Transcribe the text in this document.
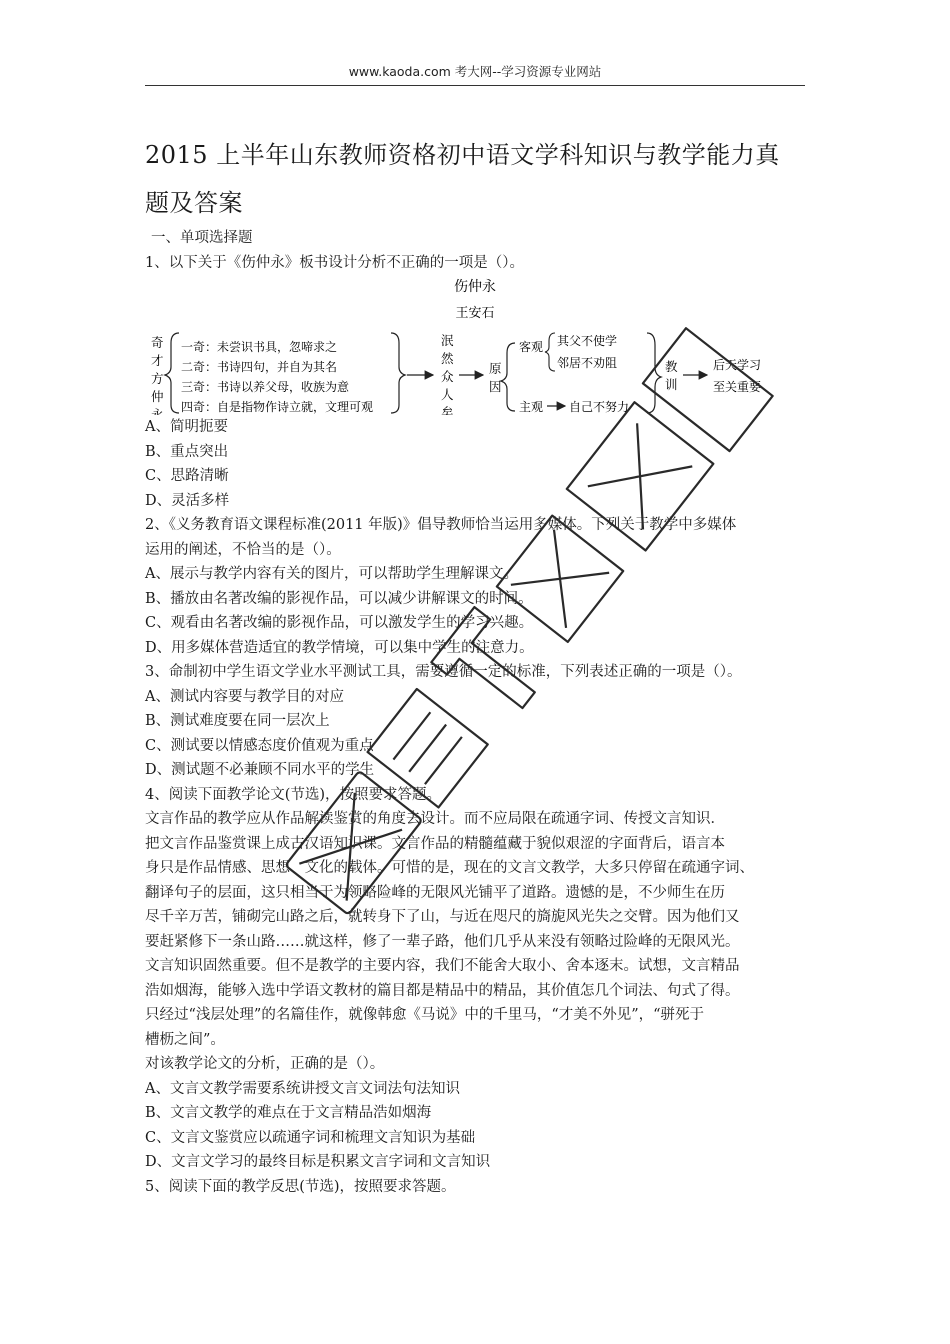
www.kaoda.com 考大网--学习资源专业网站
2015 上半年山东教师资格初中语文学科知识与教学能力真
题及答案
一、单项选择题
1、以下关于《伤仲永》板书设计分析不正确的一项是（）。
伤仲永
王安石
奇
才
方
仲
永
一奇：未尝识书具，忽啼求之
二奇：书诗四句，并自为其名
三奇：书诗以养父母，收族为意
四奇：自是指物作诗立就，文理可观
泯
然
众
人
矣
原
因
客观 其父不使学
邻居不劝阻
主观 自己不努力
教
训
后天学习
至关重要
A、简明扼要
B、重点突出
C、思路清晰
D、灵活多样
2、《义务教育语文课程标准(2011 年版)》倡导教师恰当运用多媒体。下列关于教学中多媒体
运用的阐述，不恰当的是（）。
A、展示与教学内容有关的图片，可以帮助学生理解课文。
B、播放由名著改编的影视作品，可以减少讲解课文的时间。
C、观看由名著改编的影视作品，可以激发学生的学习兴趣。
D、用多媒体营造适宜的教学情境，可以集中学生的注意力。
3、命制初中学生语文学业水平测试工具，需要遵循一定的标准，下列表述正确的一项是（）。
A、测试内容要与教学目的对应
B、测试难度要在同一层次上
C、测试要以情感态度价值观为重点
D、测试题不必兼顾不同水平的学生
4、阅读下面教学论文(节选)，按照要求答题。
文言作品的教学应从作品解读鉴赏的角度去设计。而不应局限在疏通字词、传授文言知识．
把文言作品鉴赏课上成古汉语知识课。文言作品的精髓蕴藏于貌似艰涩的字面背后，语言本
身只是作品情感、思想、文化的载体。可惜的是，现在的文言文教学，大多只停留在疏通字词、
翻译句子的层面，这只相当于为领略险峰的无限风光铺平了道路。遗憾的是，不少师生在历
尽千辛万苦，铺砌完山路之后，就转身下了山，与近在咫尺的旖旎风光失之交臂。因为他们又
要赶紧修下一条山路……就这样，修了一辈子路，他们几乎从来没有领略过险峰的无限风光。
文言知识固然重要。但不是教学的主要内容，我们不能舍大取小、舍本逐末。试想，文言精品
浩如烟海，能够入选中学语文教材的篇目都是精品中的精品，其价值怎几个词法、句式了得。
只经过“浅层处理”的名篇佳作，就像韩愈《马说》中的千里马，“才美不外见”，“骈死于
槽枥之间”。
对该教学论文的分析，正确的是（）。
A、文言文教学需要系统讲授文言文词法句法知识
B、文言文教学的难点在于文言精品浩如烟海
C、文言文鉴赏应以疏通字词和梳理文言知识为基础
D、文言文学习的最终目标是积累文言字词和文言知识
5、阅读下面的教学反思(节选)，按照要求答题。
